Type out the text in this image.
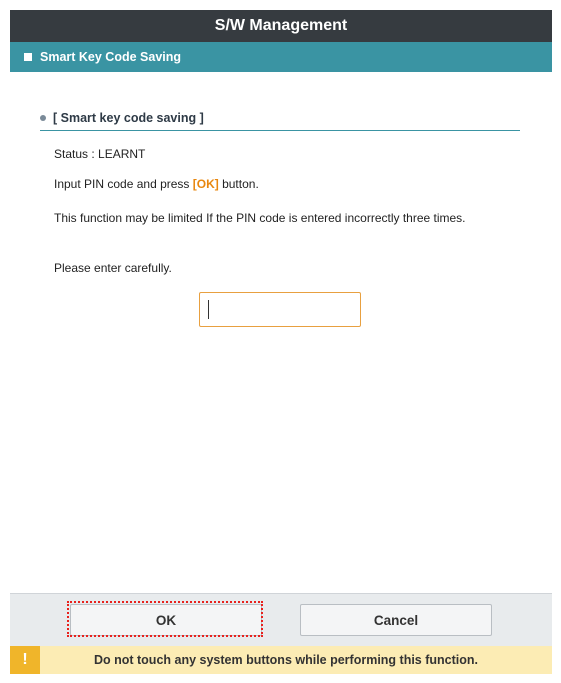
S/W Management
Smart Key Code Saving
[ Smart key code saving ]
Status : LEARNT
Input PIN code and press [OK] button.
This function may be limited If the PIN code is entered incorrectly three times.
Please enter carefully.
OK	Cancel
!	Do not touch any system buttons while performing this function.
